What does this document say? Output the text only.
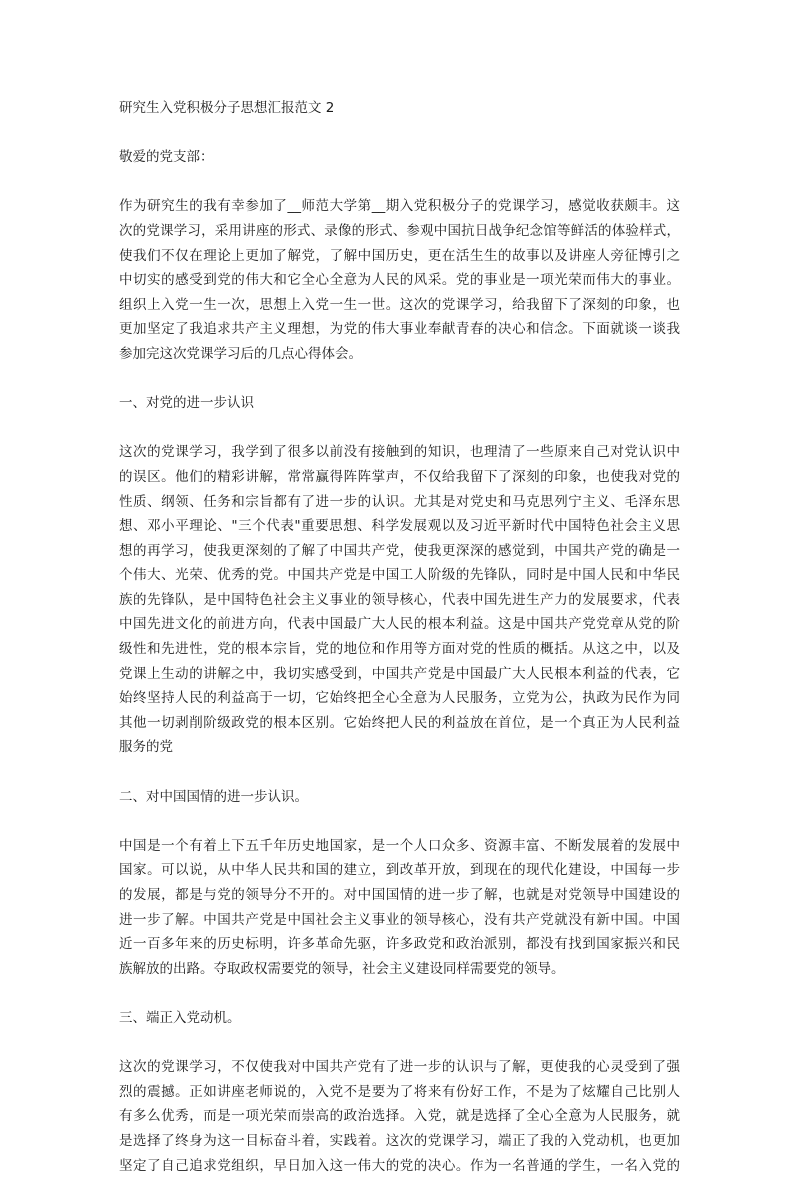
研究生入党积极分子思想汇报范文 2
敬爱的党支部：
作为研究生的我有幸参加了__师范大学第__期入党积极分子的党课学习，感觉收获颇丰。这
次的党课学习，采用讲座的形式、录像的形式、参观中国抗日战争纪念馆等鲜活的体验样式，
使我们不仅在理论上更加了解党，了解中国历史，更在活生生的故事以及讲座人旁征博引之
中切实的感受到党的伟大和它全心全意为人民的风采。党的事业是一项光荣而伟大的事业。
组织上入党一生一次，思想上入党一生一世。这次的党课学习，给我留下了深刻的印象，也
更加坚定了我追求共产主义理想，为党的伟大事业奉献青春的决心和信念。下面就谈一谈我
参加完这次党课学习后的几点心得体会。
一、对党的进一步认识
这次的党课学习，我学到了很多以前没有接触到的知识，也理清了一些原来自己对党认识中
的误区。他们的精彩讲解，常常赢得阵阵掌声，不仅给我留下了深刻的印象，也使我对党的
性质、纲领、任务和宗旨都有了进一步的认识。尤其是对党史和马克思列宁主义、毛泽东思
想、邓小平理论、"三个代表"重要思想、科学发展观以及习近平新时代中国特色社会主义思
想的再学习，使我更深刻的了解了中国共产党，使我更深深的感觉到，中国共产党的确是一
个伟大、光荣、优秀的党。中国共产党是中国工人阶级的先锋队，同时是中国人民和中华民
族的先锋队，是中国特色社会主义事业的领导核心，代表中国先进生产力的发展要求，代表
中国先进文化的前进方向，代表中国最广大人民的根本利益。这是中国共产党党章从党的阶
级性和先进性，党的根本宗旨，党的地位和作用等方面对党的性质的概括。从这之中，以及
党课上生动的讲解之中，我切实感受到，中国共产党是中国最广大人民根本利益的代表，它
始终坚持人民的利益高于一切，它始终把全心全意为人民服务，立党为公，执政为民作为同
其他一切剥削阶级政党的根本区别。它始终把人民的利益放在首位，是一个真正为人民利益
服务的党
二、对中国国情的进一步认识。
中国是一个有着上下五千年历史地国家，是一个人口众多、资源丰富、不断发展着的发展中
国家。可以说，从中华人民共和国的建立，到改革开放，到现在的现代化建设，中国每一步
的发展，都是与党的领导分不开的。对中国国情的进一步了解，也就是对党领导中国建设的
进一步了解。中国共产党是中国社会主义事业的领导核心，没有共产党就没有新中国。中国
近一百多年来的历史标明，许多革命先驱，许多政党和政治派别，都没有找到国家振兴和民
族解放的出路。夺取政权需要党的领导，社会主义建设同样需要党的领导。
三、端正入党动机。
这次的党课学习，不仅使我对中国共产党有了进一步的认识与了解，更使我的心灵受到了强
烈的震撼。正如讲座老师说的，入党不是要为了将来有份好工作，不是为了炫耀自己比别人
有多么优秀，而是一项光荣而崇高的政治选择。入党，就是选择了全心全意为人民服务，就
是选择了终身为这一目标奋斗着，实践着。这次的党课学习，端正了我的入党动机，也更加
坚定了自己追求党组织，早日加入这一伟大的党的决心。作为一名普通的学生，一名入党的
